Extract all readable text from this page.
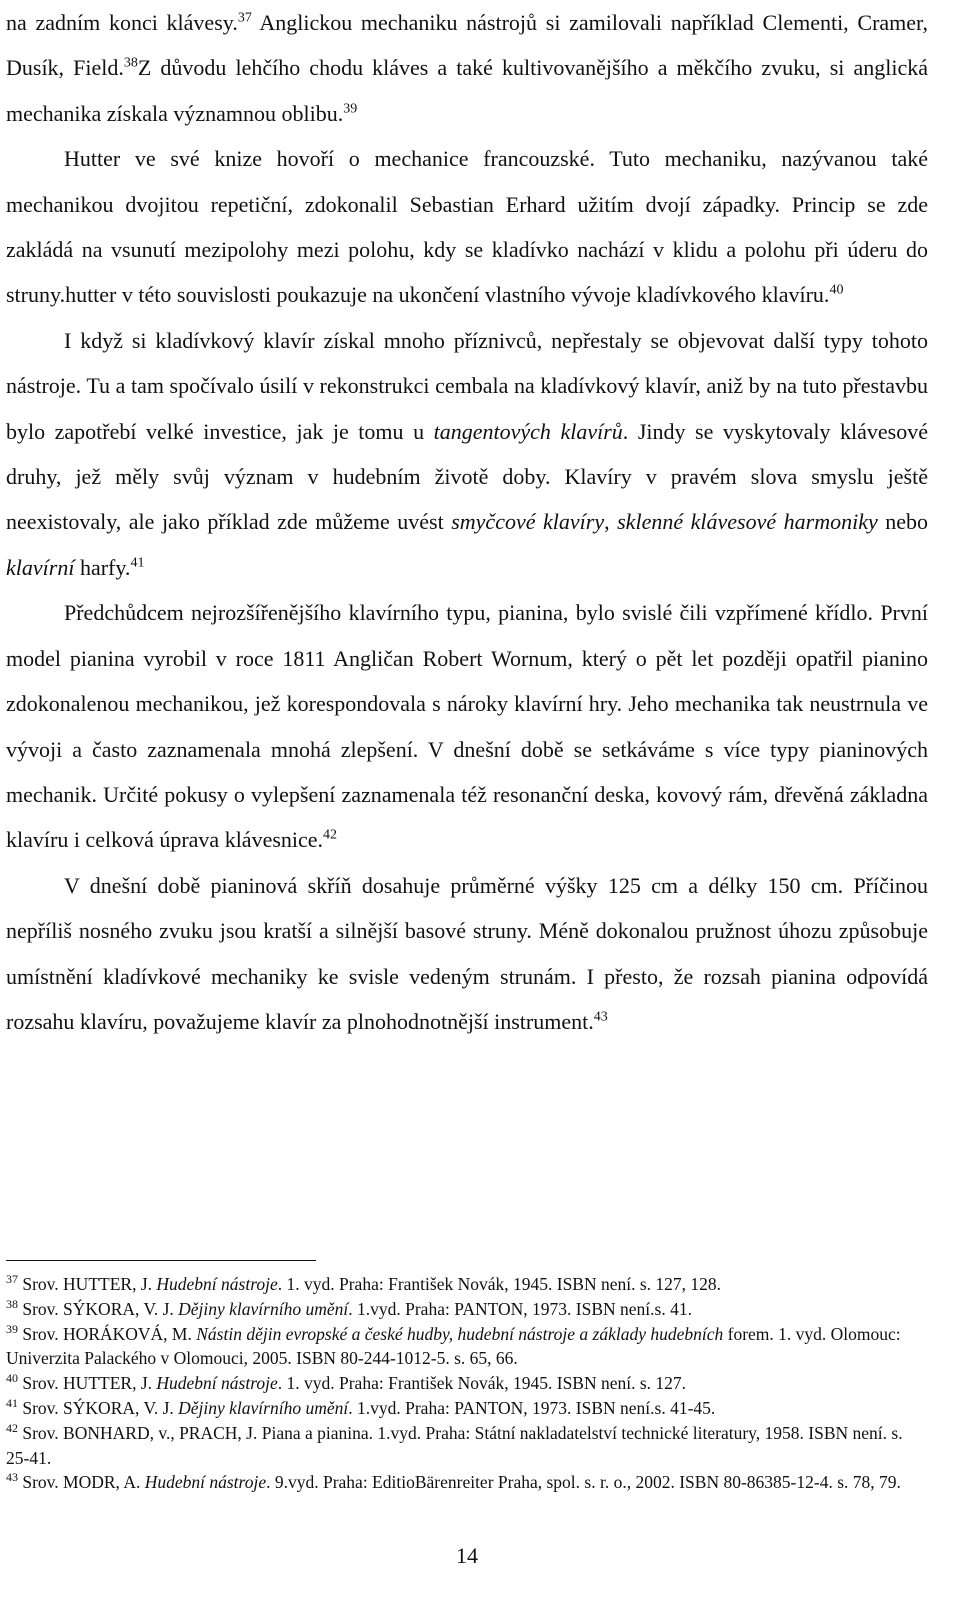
na zadním konci klávesy.$^{37}$ Anglickou mechaniku nástrojů si zamilovali například Clementi, Cramer, Dusík, Field.$^{38}$Z důvodu lehčího chodu kláves a také kultivovanějšího a měkčího zvuku, si anglická mechanika získala významnou oblibu.$^{39}$

Hutter ve své knize hovoří o mechanice francouzské. Tuto mechaniku, nazývanou také mechanikou dvojitou repetiční, zdokonalil Sebastian Erhard užitím dvojí západky. Princip se zde zakládá na vsunutí mezipolohy mezi polohu, kdy se kladívko nachází v klidu a polohu při úderu do struny.hutter v této souvislosti poukazuje na ukončení vlastního vývoje kladívkového klavíru.$^{40}$

I když si kladívkový klavír získal mnoho příznivců, nepřestaly se objevovat další typy tohoto nástroje. Tu a tam spočívalo úsilí v rekonstrukci cembala na kladívkový klavír, aniž by na tuto přestavbu bylo zapotřebí velké investice, jak je tomu u tangentových klavírů. Jindy se vyskytovaly klávesové druhy, jež měly svůj význam v hudebním životě doby. Klavíry v pravém slova smyslu ještě neexistovaly, ale jako příklad zde můžeme uvést smyčcové klavíry, sklenné klávesové harmoniky nebo klavírní harfy.$^{41}$

Předchůdcem nejrozšířenějšího klavírního typu, pianina, bylo svislé čili vzpřímené křídlo. První model pianina vyrobil v roce 1811 Angličan Robert Wornum, který o pět let později opatřil pianino zdokonalenou mechanikou, jež korespondovala s nároky klavírní hry. Jeho mechanika tak neustrnula ve vývoji a často zaznamenala mnohá zlepšení. V dnešní době se setkáváme s více typy pianinových mechanik. Určité pokusy o vylepšení zaznamenala též resonanční deska, kovový rám, dřevěná základna klavíru i celková úprava klávesnice.$^{42}$

V dnešní době pianinová skříň dosahuje průměrné výšky 125 cm a délky 150 cm. Příčinou nepříliš nosného zvuku jsou kratší a silnější basové struny. Méně dokonalou pružnost úhozu způsobuje umístnění kladívkové mechaniky ke svisle vedeným strunám. I přesto, že rozsah pianina odpovídá rozsahu klavíru, považujeme klavír za plnohodnotnější instrument.$^{43}$

$^{37}$ Srov. HUTTER, J. Hudební nástroje. 1. vyd. Praha: František Novák, 1945. ISBN není. s. 127, 128.

$^{38}$ Srov. SÝKORA, V. J. Dějiny klavírního umění. 1.vyd. Praha: PANTON, 1973. ISBN není.s. 41.

$^{39}$ Srov. HORÁKOVÁ, M. Nástin dějin evropské a české hudby, hudební nástroje a základy hudebních forem. 1. vyd. Olomouc: Univerzita Palackého v Olomouci, 2005. ISBN 80-244-1012-5. s. 65, 66.

$^{40}$ Srov. HUTTER, J. Hudební nástroje. 1. vyd. Praha: František Novák, 1945. ISBN není. s. 127.

$^{41}$ Srov. SÝKORA, V. J. Dějiny klavírního umění. 1.vyd. Praha: PANTON, 1973. ISBN není.s. 41-45.

$^{42}$ Srov. BONHARD, v., PRACH, J. Piana a pianina. 1.vyd. Praha: Státní nakladatelství technické literatury, 1958. ISBN není. s. 25-41.

$^{43}$ Srov. MODR, A. Hudební nástroje. 9.vyd. Praha: EditioBärenreiter Praha, spol. s. r. o., 2002. ISBN 80-86385-12-4. s. 78, 79.

14
